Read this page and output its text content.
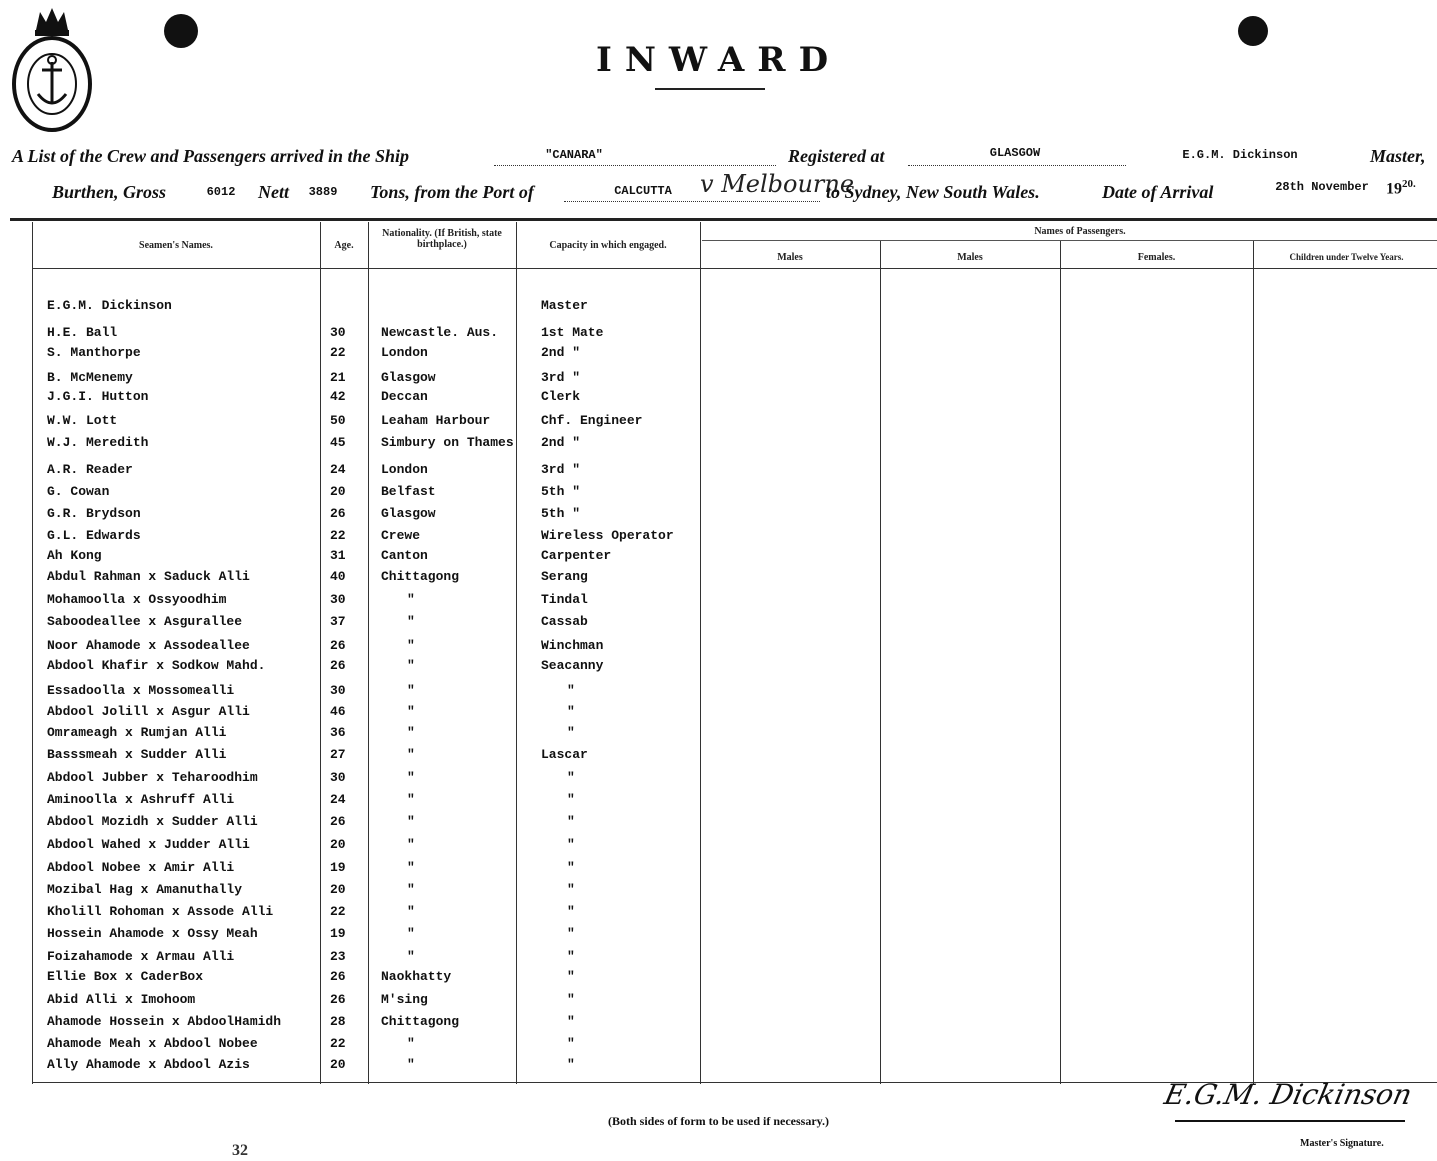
INWARD
A List of the Crew and Passengers arrived in the Ship	"CANARA"	Registered at	GLASGOW	E.G.M. Dickinson	Master,
Burthen, Gross	6012	Nett	3889	Tons, from the Port of	CALCUTTA	v Melbourne
to Sydney, New South Wales.	Date of Arrival	28th November	$19^{20.}$
Seamen's Names.	Age.
Nationality. (If British, state birthplace.)	Capacity in which engaged.
Names of Passengers.
Males	Males	Females.	Children under Twelve Years.
E.G.M. Dickinson	Master
H.E. Ball	30	Newcastle. Aus.	1st Mate
S. Manthorpe	22	London	2nd "
B. McMenemy	21	Glasgow	3rd "
J.G.I. Hutton	42	Deccan	Clerk
W.W. Lott	50	Leaham Harbour	Chf. Engineer
W.J. Meredith	45	Simbury on Thames 2nd "
A.R. Reader	24	London	3rd "
G. Cowan	20	Belfast	5th "
G.R. Brydson	26	Glasgow	5th "
G.L. Edwards	22	Crewe	Wireless Operator
Ah Kong	31	Canton	Carpenter
Abdul Rahman x Saduck Alli	40	Chittagong	Serang
Mohamoolla x Ossyoodhim	30	"	Tindal
Saboodeallee x Asgurallee	37	"	Cassab
Noor Ahamode x Assodeallee	26	"	Winchman
Abdool Khafir x Sodkow Mahd.	26	"	Seacanny
Essadoolla x Mossomealli	30	"	"
Abdool Jolill x Asgur Alli	46	"	"
Omrameagh x Rumjan Alli	36	"	"
Basssmeah x Sudder Alli	27	"	Lascar
Abdool Jubber x Teharoodhim	30	"	"
Aminoolla x Ashruff Alli	24	"	"
Abdool Mozidh x Sudder Alli	26	"	"
Abdool Wahed x Judder Alli	20	"	"
Abdool Nobee x Amir Alli	19	"	"
Mozibal Hag x Amanuthally	20	"	"
Kholill Rohoman x Assode Alli	22	"	"
Hossein Ahamode x Ossy Meah	19	"	"
Foizahamode x Armau Alli	23	"	"
Ellie Box x CaderBox	26	Naokhatty	"
Abid Alli x Imohoom	26	M'sing	"
Ahamode Hossein x AbdoolHamidh	28	Chittagong	"
Ahamode Meah x Abdool Nobee	22	"	"
Ally Ahamode x Abdool Azis	20	"	"
(Both sides of form to be used if necessary.)
32
E.G.M. Dickinson
Master's Signature.
